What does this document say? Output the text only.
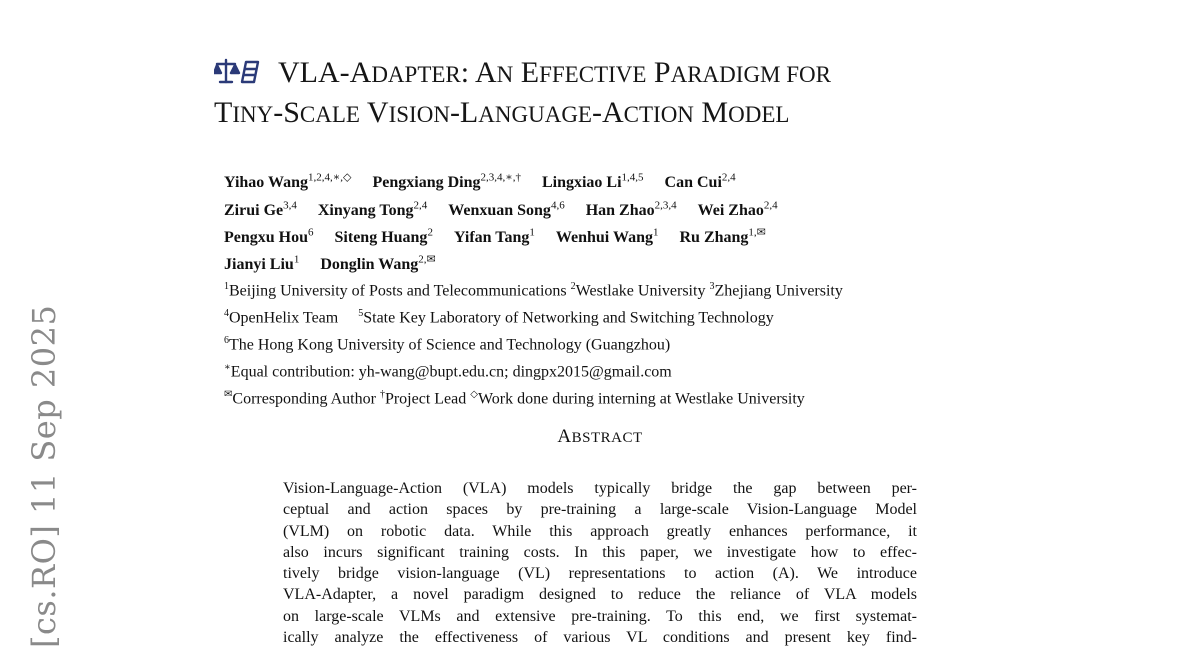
[cs.RO] 11 Sep 2025
VLA-ADAPTER: AN EFFECTIVE PARADIGM FOR
TINY-SCALE VISION-LANGUAGE-ACTION MODEL
Yihao Wang$^{1,2,4,∗,◇}$ Pengxiang Ding$^{2,3,4,∗,\dagger}$ Lingxiao Li$^{1,4,5}$ Can Cui$^{2,4}$
Zirui Ge$^{3,4}$ Xinyang Tong$^{2,4}$ Wenxuan Song$^{4,6}$ Han Zhao$^{2,3,4}$ Wei Zhao$^{2,4}$
Pengxu Hou$^6$ Siteng Huang$^2$ Yifan Tang$^1$ Wenhui Wang$^1$ Ru Zhang$^{1,✉}$
Jianyi Liu$^1$ Donglin Wang$^{2,✉}$
$^1$Beijing University of Posts and Telecommunications $^2$Westlake University $^3$Zhejiang University
$^4$OpenHelix Team $^5$State Key Laboratory of Networking and Switching Technology
$^6$The Hong Kong University of Science and Technology (Guangzhou)
∗Equal contribution: yh-wang@bupt.edu.cn; dingpx2015@gmail.com
✉Corresponding Author †Project Lead ◇Work done during interning at Westlake University
ABSTRACT
Vision-Language-Action (VLA) models typically bridge the gap between per-
ceptual and action spaces by pre-training a large-scale Vision-Language Model
(VLM) on robotic data. While this approach greatly enhances performance, it
also incurs significant training costs. In this paper, we investigate how to effec-
tively bridge vision-language (VL) representations to action (A). We introduce
VLA-Adapter, a novel paradigm designed to reduce the reliance of VLA models
on large-scale VLMs and extensive pre-training. To this end, we first systemat-
ically analyze the effectiveness of various VL conditions and present key find-
